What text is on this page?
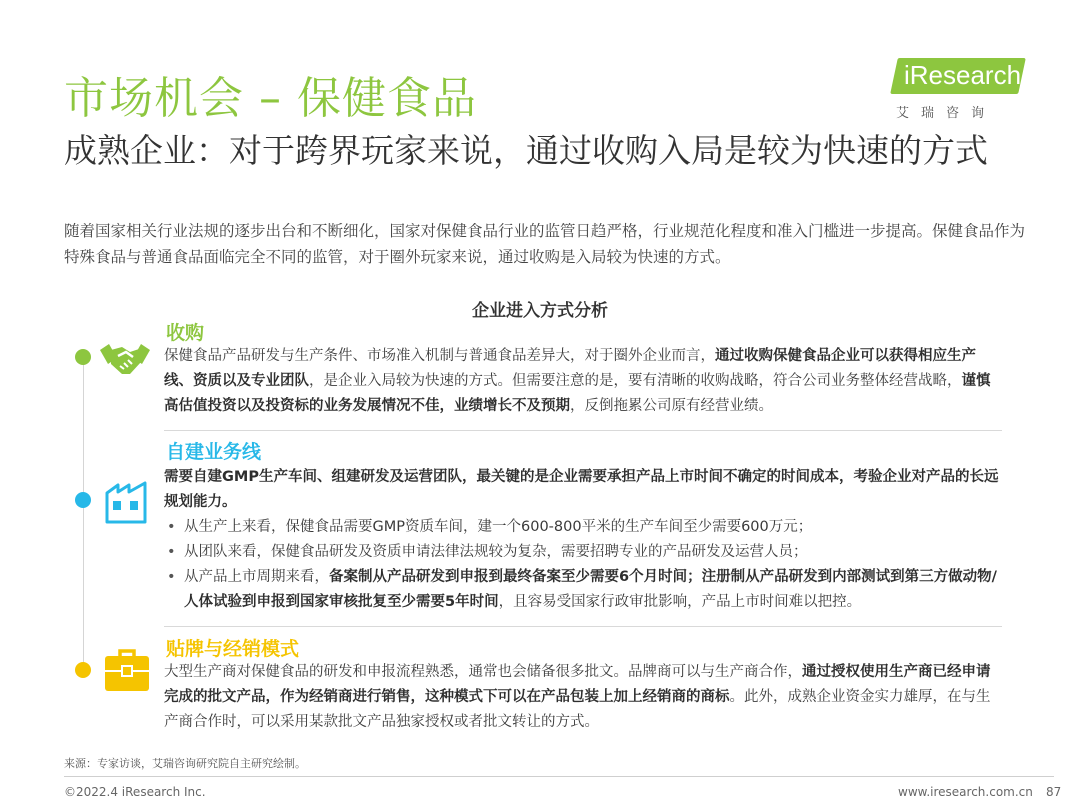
市场机会 – 保健食品	iResearch
艾瑞咨询
成熟企业：对于跨界玩家来说，通过收购入局是较为快速的方式
随着国家相关行业法规的逐步出台和不断细化，国家对保健食品行业的监管日趋严格，行业规范化程度和准入门槛进一步提高。保健食品作为特殊食品与普通食品面临完全不同的监管，对于圈外玩家来说，通过收购是入局较为快速的方式。
企业进入方式分析
收购
保健食品产品研发与生产条件、市场准入机制与普通食品差异大，对于圈外企业而言，通过收购保健食品企业可以获得相应生产线、资质以及专业团队，是企业入局较为快速的方式。但需要注意的是，要有清晰的收购战略，符合公司业务整体经营战略，谨慎高估值投资以及投资标的业务发展情况不佳，业绩增长不及预期，反倒拖累公司原有经营业绩。
自建业务线
需要自建GMP生产车间、组建研发及运营团队，最关键的是企业需要承担产品上市时间不确定的时间成本，考验企业对产品的长远规划能力。
• 从生产上来看，保健食品需要GMP资质车间，建一个600-800平米的生产车间至少需要600万元；
• 从团队来看，保健食品研发及资质申请法律法规较为复杂，需要招聘专业的产品研发及运营人员；
• 从产品上市周期来看，备案制从产品研发到申报到最终备案至少需要6个月时间；注册制从产品研发到内部测试到第三方做动物/人体试验到申报到国家审核批复至少需要5年时间，且容易受国家行政审批影响，产品上市时间难以把控。
贴牌与经销模式
大型生产商对保健食品的研发和申报流程熟悉，通常也会储备很多批文。品牌商可以与生产商合作，通过授权使用生产商已经申请完成的批文产品，作为经销商进行销售，这种模式下可以在产品包装上加上经销商的商标。此外，成熟企业资金实力雄厚，在与生产商合作时，可以采用某款批文产品独家授权或者批文转让的方式。
来源：专家访谈，艾瑞咨询研究院自主研究绘制。
©2022.4 iResearch Inc.	www.iresearch.com.cn 87
